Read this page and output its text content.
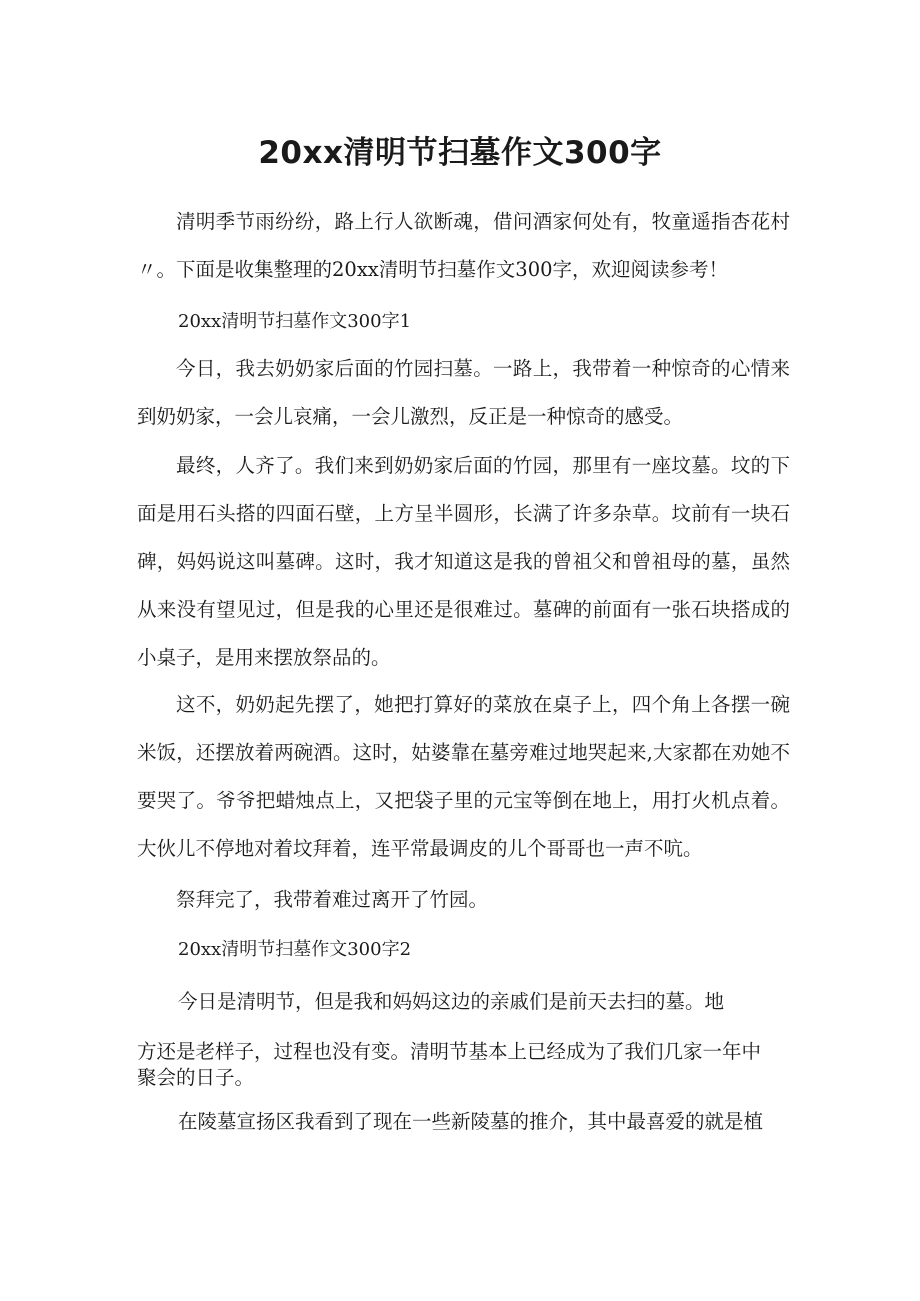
20xx清明节扫墓作文300字

清明季节雨纷纷，路上行人欲断魂，借问酒家何处有，牧童遥指杏花村〃。下面是收集整理的20xx清明节扫墓作文300字，欢迎阅读参考！

20xx清明节扫墓作文300字1

今日，我去奶奶家后面的竹园扫墓。一路上，我带着一种惊奇的心情来到奶奶家，一会儿哀痛，一会儿激烈，反正是一种惊奇的感受。

最终，人齐了。我们来到奶奶家后面的竹园，那里有一座坟墓。坟的下面是用石头搭的四面石壁，上方呈半圆形，长满了许多杂草。坟前有一块石碑，妈妈说这叫墓碑。这时，我才知道这是我的曾祖父和曾祖母的墓，虽然从来没有望见过，但是我的心里还是很难过。墓碑的前面有一张石块搭成的小桌子，是用来摆放祭品的。

这不，奶奶起先摆了，她把打算好的菜放在桌子上，四个角上各摆一碗米饭，还摆放着两碗酒。这时，姑婆靠在墓旁难过地哭起来,大家都在劝她不要哭了。爷爷把蜡烛点上，又把袋子里的元宝等倒在地上，用打火机点着。大伙儿不停地对着坟拜着，连平常最调皮的儿个哥哥也一声不吭。

祭拜完了，我带着难过离开了竹园。

20xx清明节扫墓作文300字2

今日是清明节，但是我和妈妈这边的亲戚们是前天去扫的墓。地

方还是老样子，过程也没有变。清明节基本上已经成为了我们几家一年中

聚会的日子。

在陵墓宣扬区我看到了现在一些新陵墓的推介，其中最喜爱的就是植
